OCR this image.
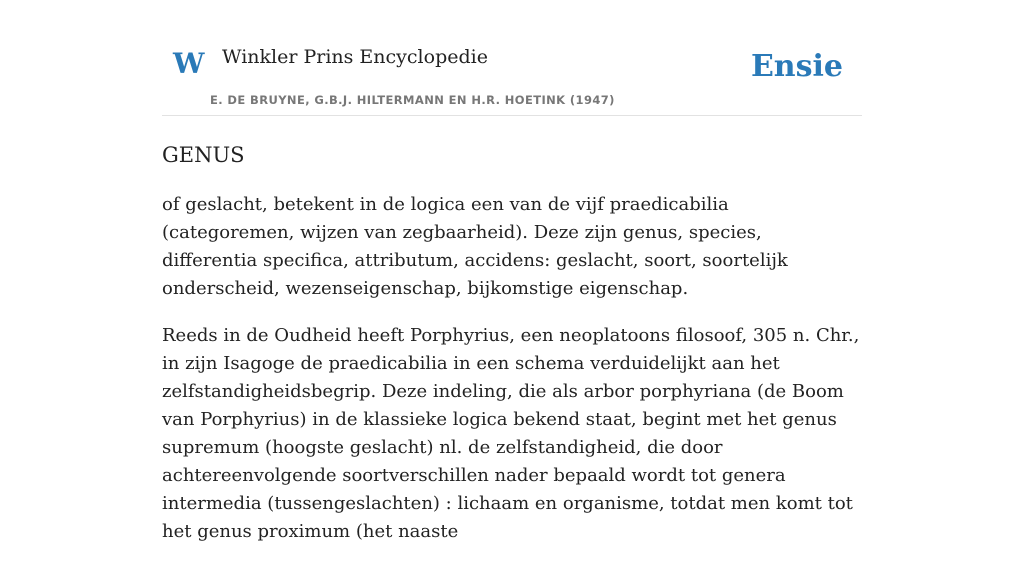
W Winkler Prins Encyclopedie
E. DE BRUYNE, G.B.J. HILTERMANN EN H.R. HOETINK (1947)
Ensie
GENUS

of geslacht, betekent in de logica een van de vijf praedicabilia (categoremen, wijzen van zegbaarheid). Deze zijn genus, species, differentia specifica, attributum, accidens: geslacht, soort, soortelijk onderscheid, wezenseigenschap, bijkomstige eigenschap.

Reeds in de Oudheid heeft Porphyrius, een neoplatoons filosoof, 305 n. Chr., in zijn Isagoge de praedicabilia in een schema verduidelijkt aan het zelfstandigheidsbegrip. Deze indeling, die als arbor porphyriana (de Boom van Porphyrius) in de klassieke logica bekend staat, begint met het genus supremum (hoogste geslacht) nl. de zelfstandigheid, die door achtereenvolgende soortverschillen nader bepaald wordt tot genera intermedia (tussengeslachten) : lichaam en organisme, totdat men komt tot het genus proximum (het naaste
